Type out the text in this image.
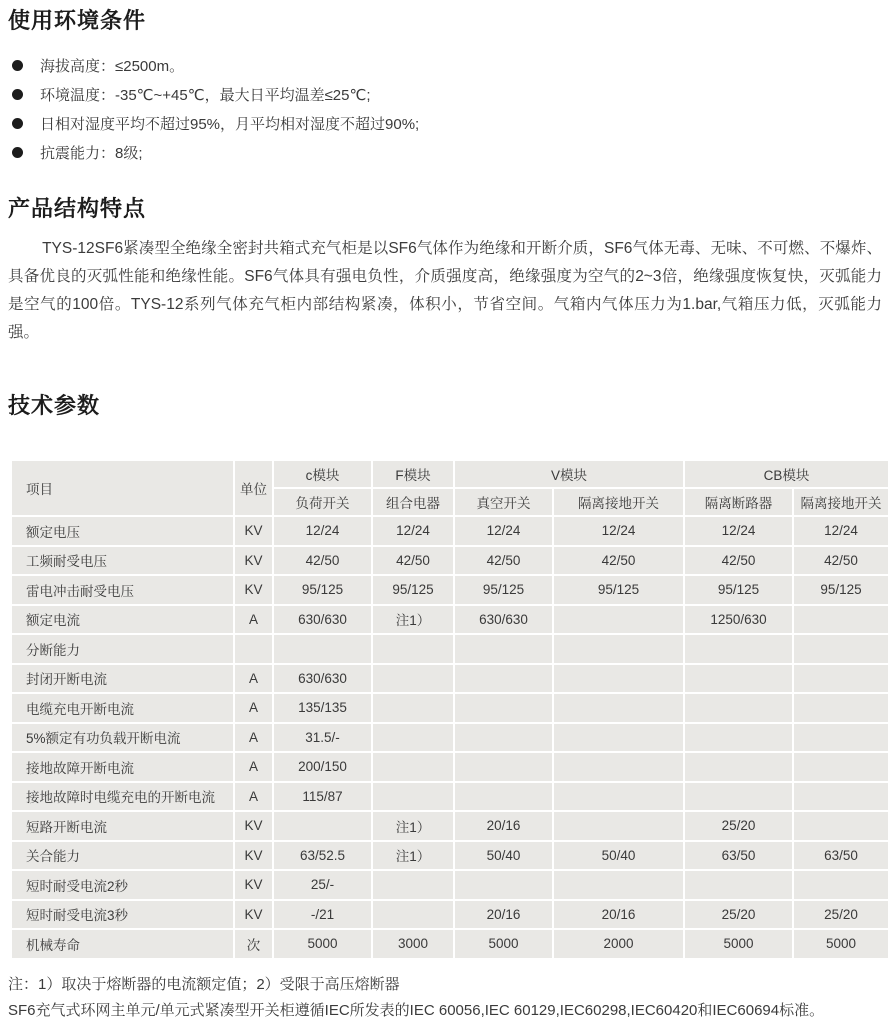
使用环境条件
海拔高度：≤2500m。
环境温度：-35℃~+45℃，最大日平均温差≤25℃;
日相对湿度平均不超过95%，月平均相对湿度不超过90%;
抗震能力：8级;
产品结构特点

TYS-12SF6紧凑型全绝缘全密封共箱式充气柜是以SF6气体作为绝缘和开断介质，SF6气体无毒、无味、不可燃、不爆炸、具备优良的灭弧性能和绝缘性能。SF6气体具有强电负性，介质强度高，绝缘强度为空气的2~3倍，绝缘强度恢复快，灭弧能力是空气的100倍。TYS-12系列气体充气柜内部结构紧凑，体积小，节省空间。气箱内气体压力为1.bar,气箱压力低，灭弧能力强。

技术参数
项目	单位	c模块	F模块	V模块		CB模块	
		负荷开关	组合电器	真空开关	隔离接地开关	隔离断路器	隔离接地开关
额定电压	KV	12/24	12/24	12/24	12/24	12/24	12/24
工频耐受电压	KV	42/50	42/50	42/50	42/50	42/50	42/50
雷电冲击耐受电压	KV	95/125	95/125	95/125	95/125	95/125	95/125
额定电流	A	630/630	注1）	630/630		1250/630	
分断能力							
封闭开断电流	A	630/630					
电缆充电开断电流	A	135/135					
5%额定有功负载开断电流	A	31.5/-					
接地故障开断电流	A	200/150					
接地故障时电缆充电的开断电流	A	115/87					
短路开断电流	KV		注1）	20/16		25/20	
关合能力	KV	63/52.5	注1）	50/40	50/40	63/50	63/50
短时耐受电流2秒	KV	25/-					
短时耐受电流3秒	KV	-/21		20/16	20/16	25/20	25/20
机械寿命	次	5000	3000	5000	2000	5000	5000

注：1）取决于熔断器的电流额定值；2）受限于高压熔断器

SF6充气式环网主单元/单元式紧凑型开关柜遵循IEC所发表的IEC 60056,IEC 60129,IEC60298,IEC60420和IEC60694标准。
